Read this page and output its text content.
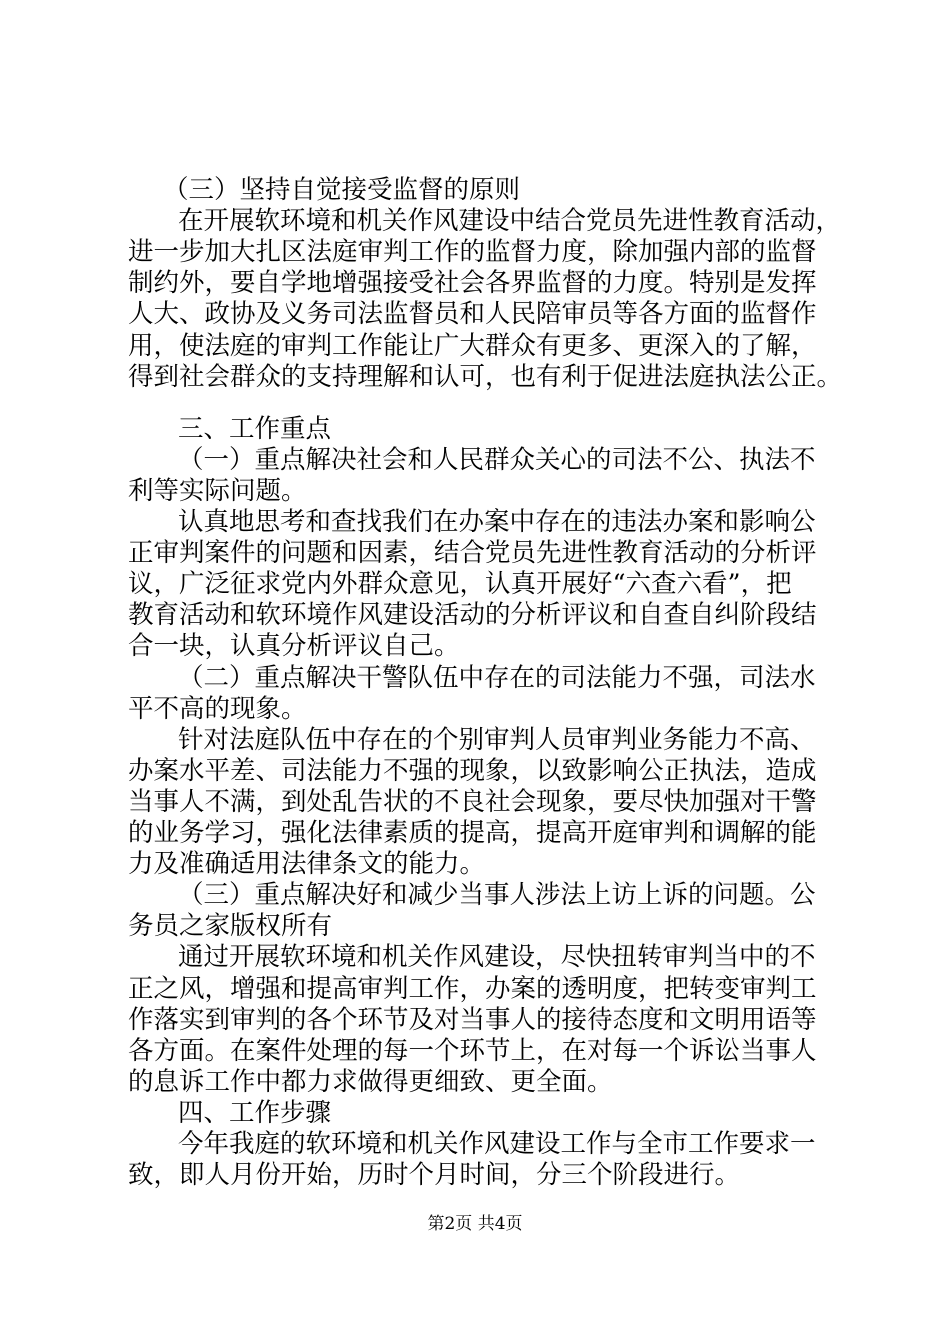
（三）坚持自觉接受监督的原则
在开展软环境和机关作风建设中结合党员先进性教育活动，
进一步加大扎区法庭审判工作的监督力度，除加强内部的监督
制约外，要自学地增强接受社会各界监督的力度。特别是发挥
人大、政协及义务司法监督员和人民陪审员等各方面的监督作
用，使法庭的审判工作能让广大群众有更多、更深入的了解，
得到社会群众的支持理解和认可，也有利于促进法庭执法公正。
三、工作重点
（一）重点解决社会和人民群众关心的司法不公、执法不
利等实际问题。
认真地思考和查找我们在办案中存在的违法办案和影响公
正审判案件的问题和因素，结合党员先进性教育活动的分析评
议，广泛征求党内外群众意见，认真开展好“六查六看”，把
教育活动和软环境作风建设活动的分析评议和自查自纠阶段结
合一块，认真分析评议自己。
（二）重点解决干警队伍中存在的司法能力不强，司法水
平不高的现象。
针对法庭队伍中存在的个别审判人员审判业务能力不高、
办案水平差、司法能力不强的现象，以致影响公正执法，造成
当事人不满，到处乱告状的不良社会现象，要尽快加强对干警
的业务学习，强化法律素质的提高，提高开庭审判和调解的能
力及准确适用法律条文的能力。
（三）重点解决好和减少当事人涉法上访上诉的问题。公
务员之家版权所有
通过开展软环境和机关作风建设，尽快扭转审判当中的不
正之风，增强和提高审判工作，办案的透明度，把转变审判工
作落实到审判的各个环节及对当事人的接待态度和文明用语等
各方面。在案件处理的每一个环节上，在对每一个诉讼当事人
的息诉工作中都力求做得更细致、更全面。
四、工作步骤
今年我庭的软环境和机关作风建设工作与全市工作要求一
致，即人月份开始，历时个月时间，分三个阶段进行。
第2页 共4页
